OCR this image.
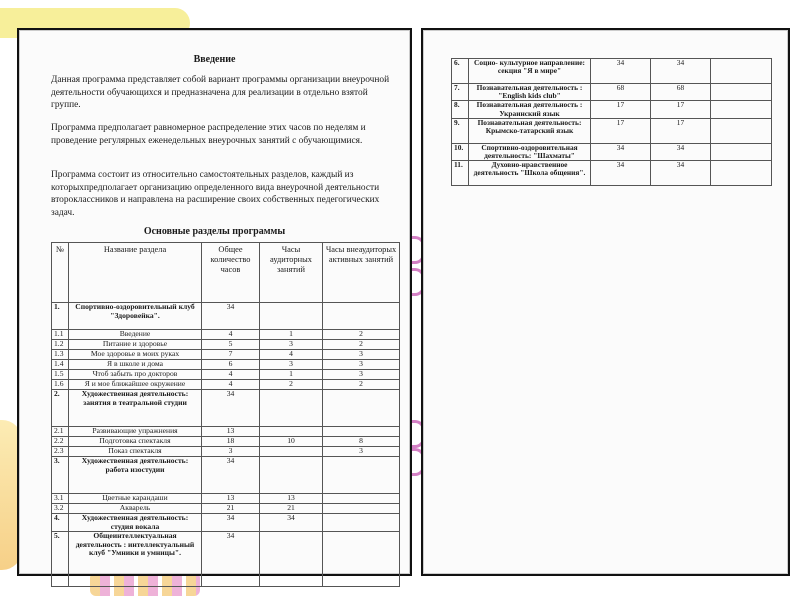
Введение

Данная программа представляет собой вариант программы организации внеурочной деятельности обучающихся и предназначена для реализации в отдельно взятой группе.

Программа предполагает равномерное распределение этих часов по неделям и проведение регулярных еженедельных внеурочных занятий с обучающимися.

Программа состоит из относительно самостоятельных разделов, каждый из которыхпредполагает организацию определенного вида внеурочной деятельности второклассников и направлена на расширение своих собственных педегогических задач.

Основные разделы программы

№	Название раздела	Общее количество часов	Часы аудиторных занятий	Часы внеаудиторых активных занятий
1.	Спортивно-оздоровительный клуб "Здоровейка".	34		
1.1	Введение	4	1	2
1.2	Питание и здоровье	5	3	2
1.3	Мое здоровье в моих руках	7	4	3
1.4	Я в школе и дома	6	3	3
1.5	Чтоб забыть про докторов	4	1	3
1.6	Я и мое ближайшее окружение	4	2	2
2.	Художественная деятельность: занятия в театральной студии	34		
2.1	Развивающие упражнения	13		
2.2	Подготовка спектакля	18	10	8
2.3	Показ спектакля	3		3
3.	Художественная деятельность: работа изостудии	34		
3.1	Цветные карандаши	13	13	
3.2	Акварель	21	21	
4.	Художественная деятельность: студия вокала	34	34	
5.	Общеинтеллектуальная деятельность : интеллектуальный клуб "Умники и умницы".	34		
6.	Социо- культурное направление: секция "Я в мире"	34	34	
7.	Познавательная деятельность : "English kids club"	68	68	
8.	Познавательная деятельность : Украинский язык	17	17	
9.	Познавательная деятельность: Крымско-татарский язык	17	17	
10.	Спортивно-оздоровительная деятельность: "Шахматы"	34	34	
11.	Духовно-нравственное деятельность "Школа общения".	34	34	
